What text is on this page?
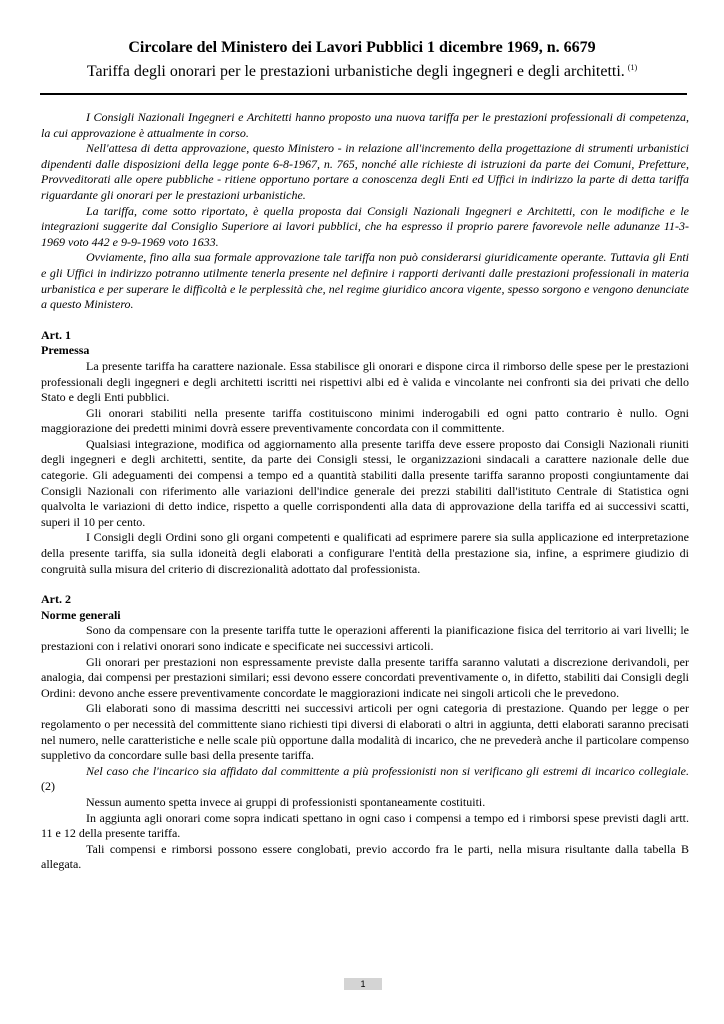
Circolare del Ministero dei Lavori Pubblici 1 dicembre 1969, n. 6679
Tariffa degli onorari per le prestazioni urbanistiche degli ingegneri e degli architetti. $^{(1)}$

I Consigli Nazionali Ingegneri e Architetti hanno proposto una nuova tariffa per le prestazioni professionali di competenza, la cui approvazione è attualmente in corso.

Nell'attesa di detta approvazione, questo Ministero - in relazione all'incremento della progettazione di strumenti urbanistici dipendenti dalle disposizioni della legge ponte 6-8-1967, n. 765, nonché alle richieste di istruzioni da parte dei Comuni, Prefetture, Provveditorati alle opere pubbliche - ritiene opportuno portare a conoscenza degli Enti ed Uffici in indirizzo la parte di detta tariffa riguardante gli onorari per le prestazioni urbanistiche.

La tariffa, come sotto riportato, è quella proposta dai Consigli Nazionali Ingegneri e Architetti, con le modifiche e le integrazioni suggerite dal Consiglio Superiore ai lavori pubblici, che ha espresso il proprio parere favorevole nelle adunanze 11-3-1969 voto 442 e 9-9-1969 voto 1633.

Ovviamente, fino alla sua formale approvazione tale tariffa non può considerarsi giuridicamente operante. Tuttavia gli Enti e gli Uffici in indirizzo potranno utilmente tenerla presente nel definire i rapporti derivanti dalle prestazioni professionali in materia urbanistica e per superare le difficoltà e le perplessità che, nel regime giuridico ancora vigente, spesso sorgono e vengono denunciate a questo Ministero.

Art. 1

Premessa

La presente tariffa ha carattere nazionale. Essa stabilisce gli onorari e dispone circa il rimborso delle spese per le prestazioni professionali degli ingegneri e degli architetti iscritti nei rispettivi albi ed è valida e vincolante nei confronti sia dei privati che dello Stato e degli Enti pubblici.

Gli onorari stabiliti nella presente tariffa costituiscono minimi inderogabili ed ogni patto contrario è nullo. Ogni maggiorazione dei predetti minimi dovrà essere preventivamente concordata con il committente.

Qualsiasi integrazione, modifica od aggiornamento alla presente tariffa deve essere proposto dai Consigli Nazionali riuniti degli ingegneri e degli architetti, sentite, da parte dei Consigli stessi, le organizzazioni sindacali a carattere nazionale delle due categorie. Gli adeguamenti dei compensi a tempo ed a quantità stabiliti dalla presente tariffa saranno proposti congiuntamente dai Consigli Nazionali con riferimento alle variazioni dell'indice generale dei prezzi stabiliti dall'istituto Centrale di Statistica ogni qualvolta le variazioni di detto indice, rispetto a quelle corrispondenti alla data di approvazione della tariffa ed ai successivi scatti, superi il 10 per cento.

I Consigli degli Ordini sono gli organi competenti e qualificati ad esprimere parere sia sulla applicazione ed interpretazione della presente tariffa, sia sulla idoneità degli elaborati a configurare l'entità della prestazione sia, infine, a esprimere giudizio di congruità sulla misura del criterio di discrezionalità adottato dal professionista.

Art. 2

Norme generali

Sono da compensare con la presente tariffa tutte le operazioni afferenti la pianificazione fisica del territorio ai vari livelli; le prestazioni con i relativi onorari sono indicate e specificate nei successivi articoli.

Gli onorari per prestazioni non espressamente previste dalla presente tariffa saranno valutati a discrezione derivandoli, per analogia, dai compensi per prestazioni similari; essi devono essere concordati preventivamente o, in difetto, stabiliti dai Consigli degli Ordini: devono anche essere preventivamente concordate le maggiorazioni indicate nei singoli articoli che le prevedono.

Gli elaborati sono di massima descritti nei successivi articoli per ogni categoria di prestazione. Quando per legge o per regolamento o per necessità del committente siano richiesti tipi diversi di elaborati o altri in aggiunta, detti elaborati saranno precisati nel numero, nelle caratteristiche e nelle scale più opportune dalla modalità di incarico, che ne prevederà anche il particolare compenso suppletivo da concordare sulle basi della presente tariffa.

Nel caso che l'incarico sia affidato dal committente a più professionisti non si verificano gli estremi di incarico collegiale. (2)

Nessun aumento spetta invece ai gruppi di professionisti spontaneamente costituiti.

In aggiunta agli onorari come sopra indicati spettano in ogni caso i compensi a tempo ed i rimborsi spese previsti dagli artt. 11 e 12 della presente tariffa.

Tali compensi e rimborsi possono essere conglobati, previo accordo fra le parti, nella misura risultante dalla tabella B allegata.

1
